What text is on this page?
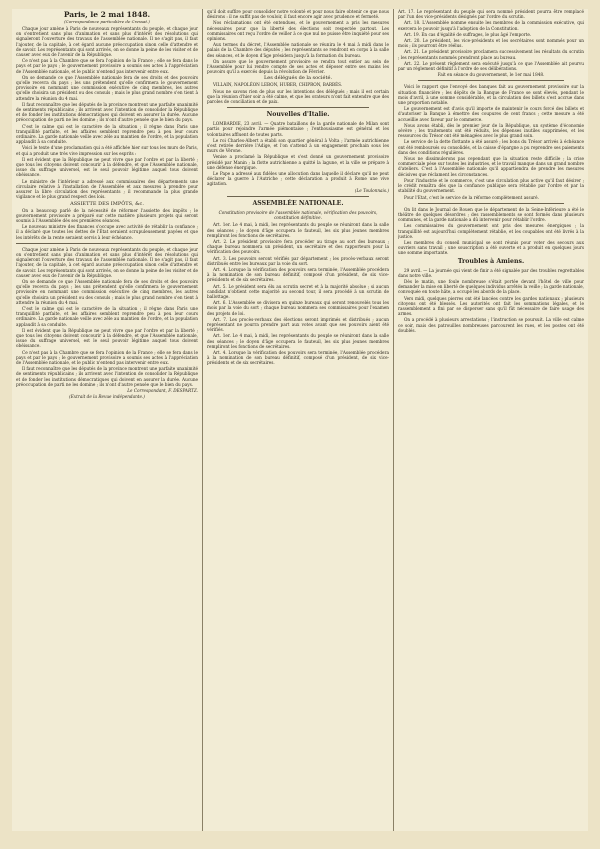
Paris, le 2 mai 1848.
(Correspondance particulière de Cressat.)

Chaque jour amène à Paris de nouveaux représentants du peuple, et chaque jour on s'entretient sans plus d'animation et sans plus d'intérêt des résolutions qui signaleront l'ouverture des travaux de l'assemblée nationale. Il ne s'agit pas, il faut l'ajouter, de la capitale, à cet égard aucune préoccupation sinon celle d'attendre et de savoir. Les représentants qui sont arrivés, on se donne la peine de les visiter et de causer avec eux de l'avenir de la République.

Ce n'est pas à la Chambre que se fera l'opinion de la France ; elle se fera dans le pays et par le pays ; le gouvernement provisoire a soumis ses actes à l'appréciation de l'Assemblée nationale, et le public n'entend pas intervenir entre eux.

On se demande ce que l'Assemblée nationale fera de ses droits et des pouvoirs qu'elle recevra du pays ; les uns prétendent qu'elle confirmera le gouvernement provisoire en nommant une commission exécutive de cinq membres, les autres qu'elle choisira un président ou des consuls ; mais le plus grand nombre s'en tient à attendre la réunion du 4 mai.

Il faut reconnaître que les députés de la province montrent une parfaite unanimité de sentiments républicains ; ils arrivent avec l'intention de consolider la République et de fonder les institutions démocratiques qui doivent en assurer la durée. Aucune préoccupation de parti ne les domine ; ils n'ont d'autre pensée que le bien du pays.

C'est le calme qui est le caractère de la situation ; il règne dans Paris une tranquillité parfaite, et les affaires semblent reprendre peu à peu leur cours ordinaire. La garde nationale veille avec zèle au maintien de l'ordre, et la population applaudit à sa conduite.

Voici le texte d'une proclamation qui a été affichée hier sur tous les murs de Paris, et qui a produit une très vive impression sur les esprits :

Il est évident que la République ne peut vivre que par l'ordre et par la liberté ; que tous les citoyens doivent concourir à la défendre, et que l'Assemblée nationale, issue du suffrage universel, est le seul pouvoir légitime auquel tous doivent obéissance.

Le ministre de l'intérieur a adressé aux commissaires des départements une circulaire relative à l'installation de l'Assemblée et aux mesures à prendre pour assurer la libre circulation des représentants ; il recommande la plus grande vigilance et le plus grand respect des lois.

ASSIETTE DES IMPÔTS, &c.

On a beaucoup parlé de la nécessité de réformer l'assiette des impôts ; le gouvernement provisoire a préparé sur cette matière plusieurs projets qui seront soumis à l'Assemblée dès ses premières séances.

Le nouveau ministre des finances s'occupe avec activité de rétablir la confiance ; il a déclaré que toutes les dettes de l'État seraient scrupuleusement payées et que les intérêts de la rente seraient servis à leur échéance.

Chaque jour amène à Paris de nouveaux représentants du peuple, et chaque jour on s'entretient sans plus d'animation et sans plus d'intérêt des résolutions qui signaleront l'ouverture des travaux de l'assemblée nationale. Il ne s'agit pas, il faut l'ajouter, de la capitale, à cet égard aucune préoccupation sinon celle d'attendre et de savoir. Les représentants qui sont arrivés, on se donne la peine de les visiter et de causer avec eux de l'avenir de la République.

On se demande ce que l'Assemblée nationale fera de ses droits et des pouvoirs qu'elle recevra du pays ; les uns prétendent qu'elle confirmera le gouvernement provisoire en nommant une commission exécutive de cinq membres, les autres qu'elle choisira un président ou des consuls ; mais le plus grand nombre s'en tient à attendre la réunion du 4 mai.

C'est le calme qui est le caractère de la situation ; il règne dans Paris une tranquillité parfaite, et les affaires semblent reprendre peu à peu leur cours ordinaire. La garde nationale veille avec zèle au maintien de l'ordre, et la population applaudit à sa conduite.

Il est évident que la République ne peut vivre que par l'ordre et par la liberté ; que tous les citoyens doivent concourir à la défendre, et que l'Assemblée nationale, issue du suffrage universel, est le seul pouvoir légitime auquel tous doivent obéissance.

Ce n'est pas à la Chambre que se fera l'opinion de la France ; elle se fera dans le pays et par le pays ; le gouvernement provisoire a soumis ses actes à l'appréciation de l'Assemblée nationale, et le public n'entend pas intervenir entre eux.

Il faut reconnaître que les députés de la province montrent une parfaite unanimité de sentiments républicains ; ils arrivent avec l'intention de consolider la République et de fonder les institutions démocratiques qui doivent en assurer la durée. Aucune préoccupation de parti ne les domine ; ils n'ont d'autre pensée que le bien du pays.

Le Correspondant, F. DESPARTZ.
(Extrait de la Revue indépendante.)

qu'il doit suffire pour consolider notre volonté et pour nous faire obtenir ce que nous désirons : il ne suffit pas de vouloir, il faut encore agir avec prudence et fermeté.

Nos réclamations ont été entendues, et le gouvernement a pris les mesures nécessaires pour que la liberté des élections soit respectée partout. Les commissaires ont reçu l'ordre de veiller à ce que nul ne puisse être inquiété pour ses opinions.

Aux termes du décret, l'Assemblée nationale se réunira le 4 mai à midi dans le palais de la Chambre des députés ; les représentants se rendront en corps à la salle des séances, et le doyen d'âge présidera jusqu'à la formation du bureau.

On assure que le gouvernement provisoire se rendra tout entier au sein de l'Assemblée pour lui rendre compte de ses actes et déposer entre ses mains les pouvoirs qu'il a exercés depuis la révolution de Février.

Les délégués de la société.

VILLAIN, NAPOLÉON LEBON, HUBER, CHIPRON, BARBÈS.

Nous ne savons rien de plus sur les intentions des délégués ; mais il est certain que la réunion d'hier soir a été calme, et que les orateurs n'ont fait entendre que des paroles de conciliation et de paix.

Nouvelles d'Italie.

LOMBARDIE, 23 avril. — Quatre bataillons de la garde nationale de Milan sont partis pour rejoindre l'armée piémontaise ; l'enthousiasme est général et les volontaires affluent de toutes parts.

Le roi Charles-Albert a établi son quartier général à Volta ; l'armée autrichienne s'est retirée derrière l'Adige, et l'on s'attend à un engagement prochain sous les murs de Vérone.

Venise a proclamé la République et s'est donné un gouvernement provisoire présidé par Manin ; la flotte autrichienne a quitté la lagune, et la ville se prépare à une défense énergique.

Le Pape a adressé aux fidèles une allocution dans laquelle il déclare qu'il ne peut déclarer la guerre à l'Autriche ; cette déclaration a produit à Rome une vive agitation.

(Le Toulonnais.)
ASSEMBLÉE NATIONALE.
Constitution provisoire de l'assemblée nationale, vérification des pouvoirs, constitution définitive.

Art. 1er. Le 4 mai, à midi, les représentants du peuple se réuniront dans la salle des séances ; le doyen d'âge occupera le fauteuil, les six plus jeunes membres rempliront les fonctions de secrétaires.

Art. 2. Le président provisoire fera procéder au tirage au sort des bureaux ; chaque bureau nommera un président, un secrétaire et des rapporteurs pour la vérification des pouvoirs.

Art. 3. Les pouvoirs seront vérifiés par département ; les procès-verbaux seront distribués entre les bureaux par la voie du sort.

Art. 4. Lorsque la vérification des pouvoirs sera terminée, l'Assemblée procédera à la nomination de son bureau définitif, composé d'un président, de six vice-présidents et de six secrétaires.

Art. 5. Le président sera élu au scrutin secret et à la majorité absolue ; si aucun candidat n'obtient cette majorité au second tour, il sera procédé à un scrutin de ballottage.

Art. 6. L'Assemblée se divisera en quinze bureaux qui seront renouvelés tous les mois par la voie du sort ; chaque bureau nommera ses commissaires pour l'examen des projets de loi.

Art. 7. Les procès-verbaux des élections seront imprimés et distribués ; aucun représentant ne pourra prendre part aux votes avant que ses pouvoirs aient été vérifiés.

Art. 1er. Le 4 mai, à midi, les représentants du peuple se réuniront dans la salle des séances ; le doyen d'âge occupera le fauteuil, les six plus jeunes membres rempliront les fonctions de secrétaires.

Art. 4. Lorsque la vérification des pouvoirs sera terminée, l'Assemblée procédera à la nomination de son bureau définitif, composé d'un président, de six vice-présidents et de six secrétaires.

Art. 17. Le représentant du peuple qui sera nommé président pourra être remplacé par l'un des vice-présidents désignés par l'ordre du scrutin.

Art. 18. L'Assemblée nomme ensuite les membres de la commission exécutive, qui exercera le pouvoir jusqu'à l'adoption de la Constitution.

Art. 19. En cas d'égalité de suffrages, le plus âgé l'emporte.

Art. 20. Le président, les vice-présidents et les secrétaires sont nommés pour un mois ; ils pourront être réélus.

Art. 21. Le président provisoire proclamera successivement les résultats du scrutin ; les représentants nommés prendront place au bureau.

Art. 22. Le présent règlement sera exécuté jusqu'à ce que l'Assemblée ait pourvu par un règlement définitif à l'ordre de ses délibérations.

Fait en séance du gouvernement, le 1er mai 1848.

Voici le rapport que l'envoyé des banques fait au gouvernement provisoire sur la situation financière ; les dépôts de la Banque de France se sont élevés, pendant le mois d'avril, à une somme considérable, et la circulation des billets s'est accrue dans une proportion notable.

Le gouvernement est d'avis qu'il importe de maintenir le cours forcé des billets et d'autoriser la Banque à émettre des coupures de cent francs ; cette mesure a été accueillie avec faveur par le commerce.

Nous avons établi, dès le premier jour de la République, un système d'économie sévère ; les traitements ont été réduits, les dépenses inutiles supprimées, et les ressources du Trésor ont été ménagées avec le plus grand soin.

Le service de la dette flottante a été assuré ; les bons du Trésor arrivés à échéance ont été remboursés ou consolidés, et la caisse d'épargne a pu reprendre ses paiements dans des conditions régulières.

Nous ne dissimulerons pas cependant que la situation reste difficile ; la crise commerciale pèse sur toutes les industries, et le travail manque dans un grand nombre d'ateliers. C'est à l'Assemblée nationale qu'il appartiendra de prendre les mesures décisives que réclament les circonstances.

Pour l'industrie et le commerce, c'est une circulation plus active qu'il faut désirer ; le crédit renaîtra dès que la confiance publique sera rétablie par l'ordre et par la stabilité du gouvernement.

Pour l'Etat, c'est le service de la réforme complètement assuré.

On lit dans le Journal de Rouen que le département de la Seine-Inférieure a été le théâtre de quelques désordres ; des rassemblements se sont formés dans plusieurs communes, et la garde nationale a dû intervenir pour rétablir l'ordre.

Les commissaires du gouvernement ont pris des mesures énergiques ; la tranquillité est aujourd'hui complètement rétablie, et les coupables ont été livrés à la justice.

Les membres du conseil municipal se sont réunis pour voter des secours aux ouvriers sans travail ; une souscription a été ouverte et a produit en quelques jours une somme importante.

Troubles à Amiens.

29 avril. — La journée qui vient de finir a été signalée par des troubles regrettables dans notre ville.

Dès le matin, une foule nombreuse s'était portée devant l'hôtel de ville pour demander la mise en liberté de quelques individus arrêtés la veille ; la garde nationale, convoquée en toute hâte, a occupé les abords de la place.

Vers midi, quelques pierres ont été lancées contre les gardes nationaux ; plusieurs citoyens ont été blessés. Les autorités ont fait les sommations légales, et le rassemblement a fini par se disperser sans qu'il fût nécessaire de faire usage des armes.

On a procédé à plusieurs arrestations ; l'instruction se poursuit. La ville est calme ce soir, mais des patrouilles nombreuses parcourent les rues, et les postes ont été doublés.
